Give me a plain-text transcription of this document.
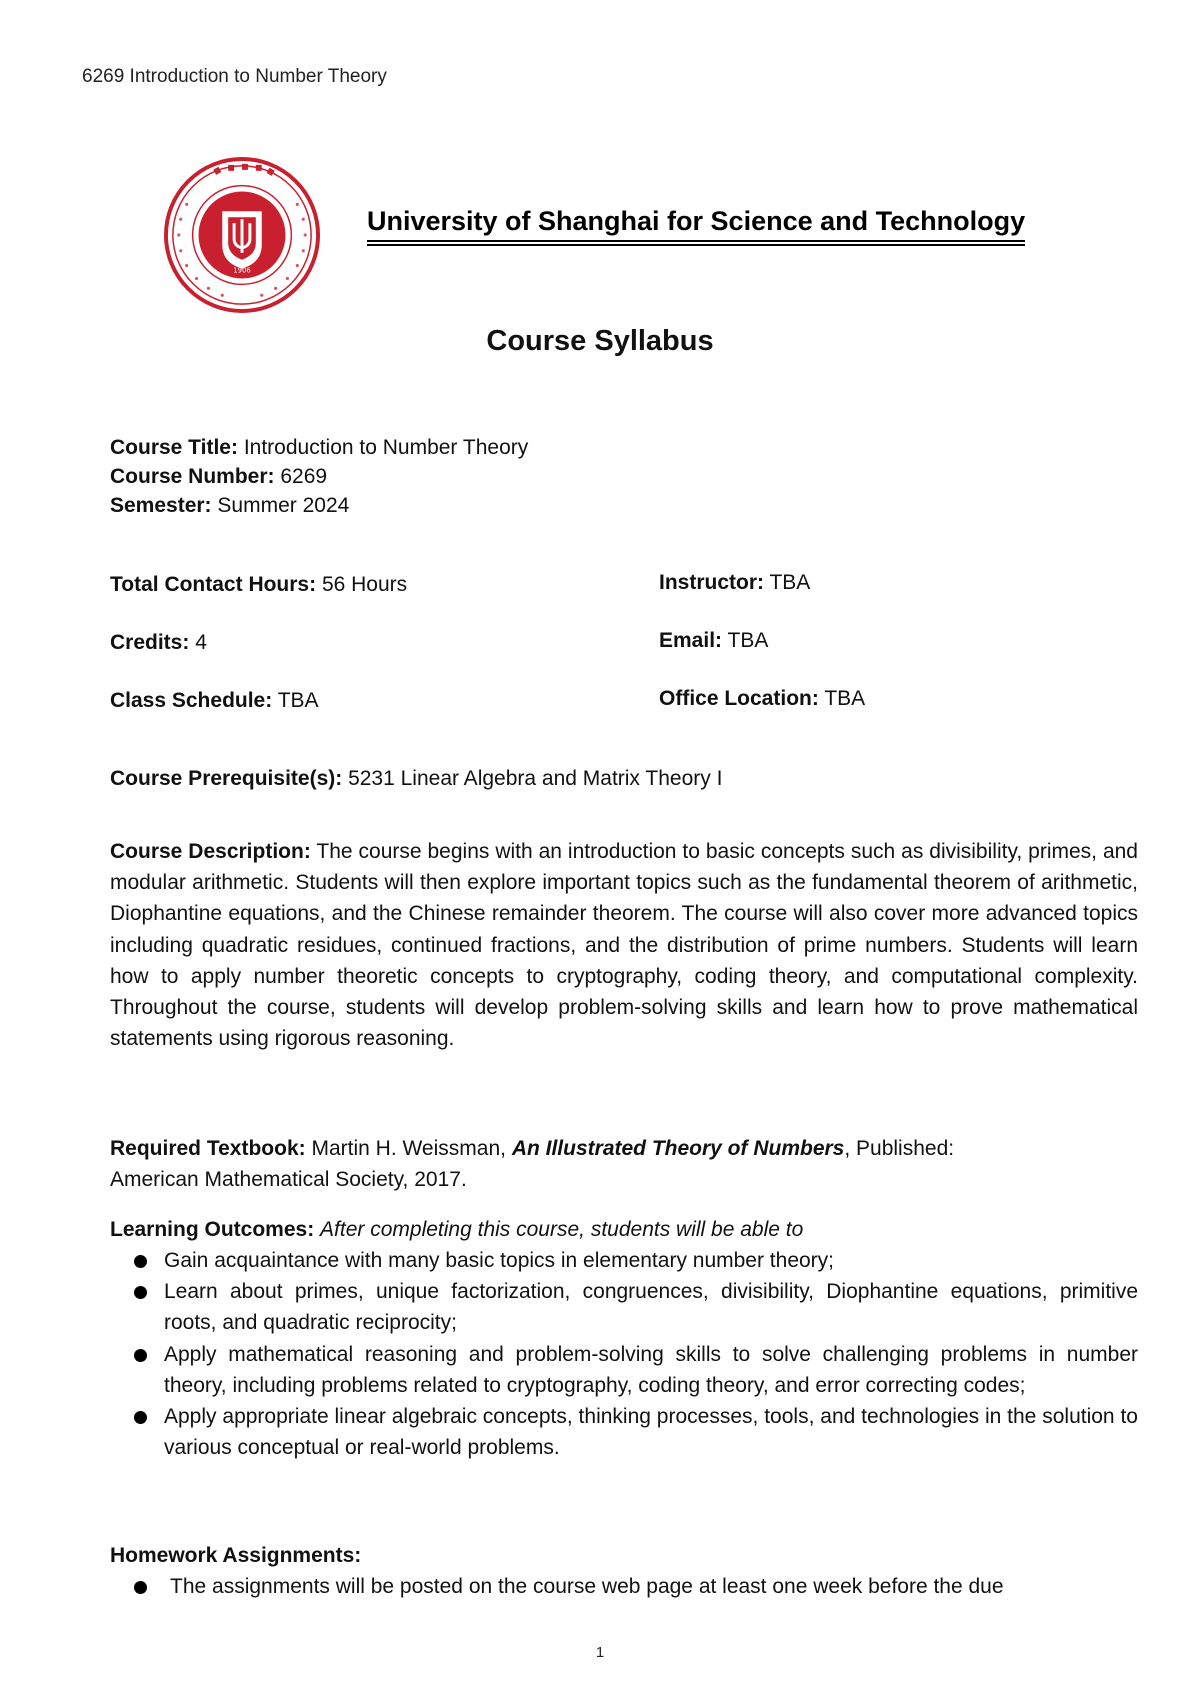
6269 Introduction to Number Theory
1906
University of Shanghai for Science and Technology
Course Syllabus
Course Title: Introduction to Number Theory
Course Number: 6269
Semester: Summer 2024
Total Contact Hours: 56 Hours
Credits: 4
Class Schedule: TBA
Instructor: TBA
Email: TBA
Office Location: TBA
Course Prerequisite(s): 5231 Linear Algebra and Matrix Theory I
Course Description: The course begins with an introduction to basic concepts such as divisibility, primes, and modular arithmetic. Students will then explore important topics such as the fundamental theorem of arithmetic, Diophantine equations, and the Chinese remainder theorem. The course will also cover more advanced topics including quadratic residues, continued fractions, and the distribution of prime numbers. Students will learn how to apply number theoretic concepts to cryptography, coding theory, and computational complexity. Throughout the course, students will develop problem-solving skills and learn how to prove mathematical statements using rigorous reasoning.
Required Textbook: Martin H. Weissman, An Illustrated Theory of Numbers, Published:
American Mathematical Society, 2017.
Learning Outcomes: After completing this course, students will be able to
Gain acquaintance with many basic topics in elementary number theory;
Learn about primes, unique factorization, congruences, divisibility, Diophantine equations, primitive roots, and quadratic reciprocity;
Apply mathematical reasoning and problem-solving skills to solve challenging problems in number theory, including problems related to cryptography, coding theory, and error correcting codes;
Apply appropriate linear algebraic concepts, thinking processes, tools, and technologies in the solution to various conceptual or real-world problems.
Homework Assignments:
The assignments will be posted on the course web page at least one week before the due
1
